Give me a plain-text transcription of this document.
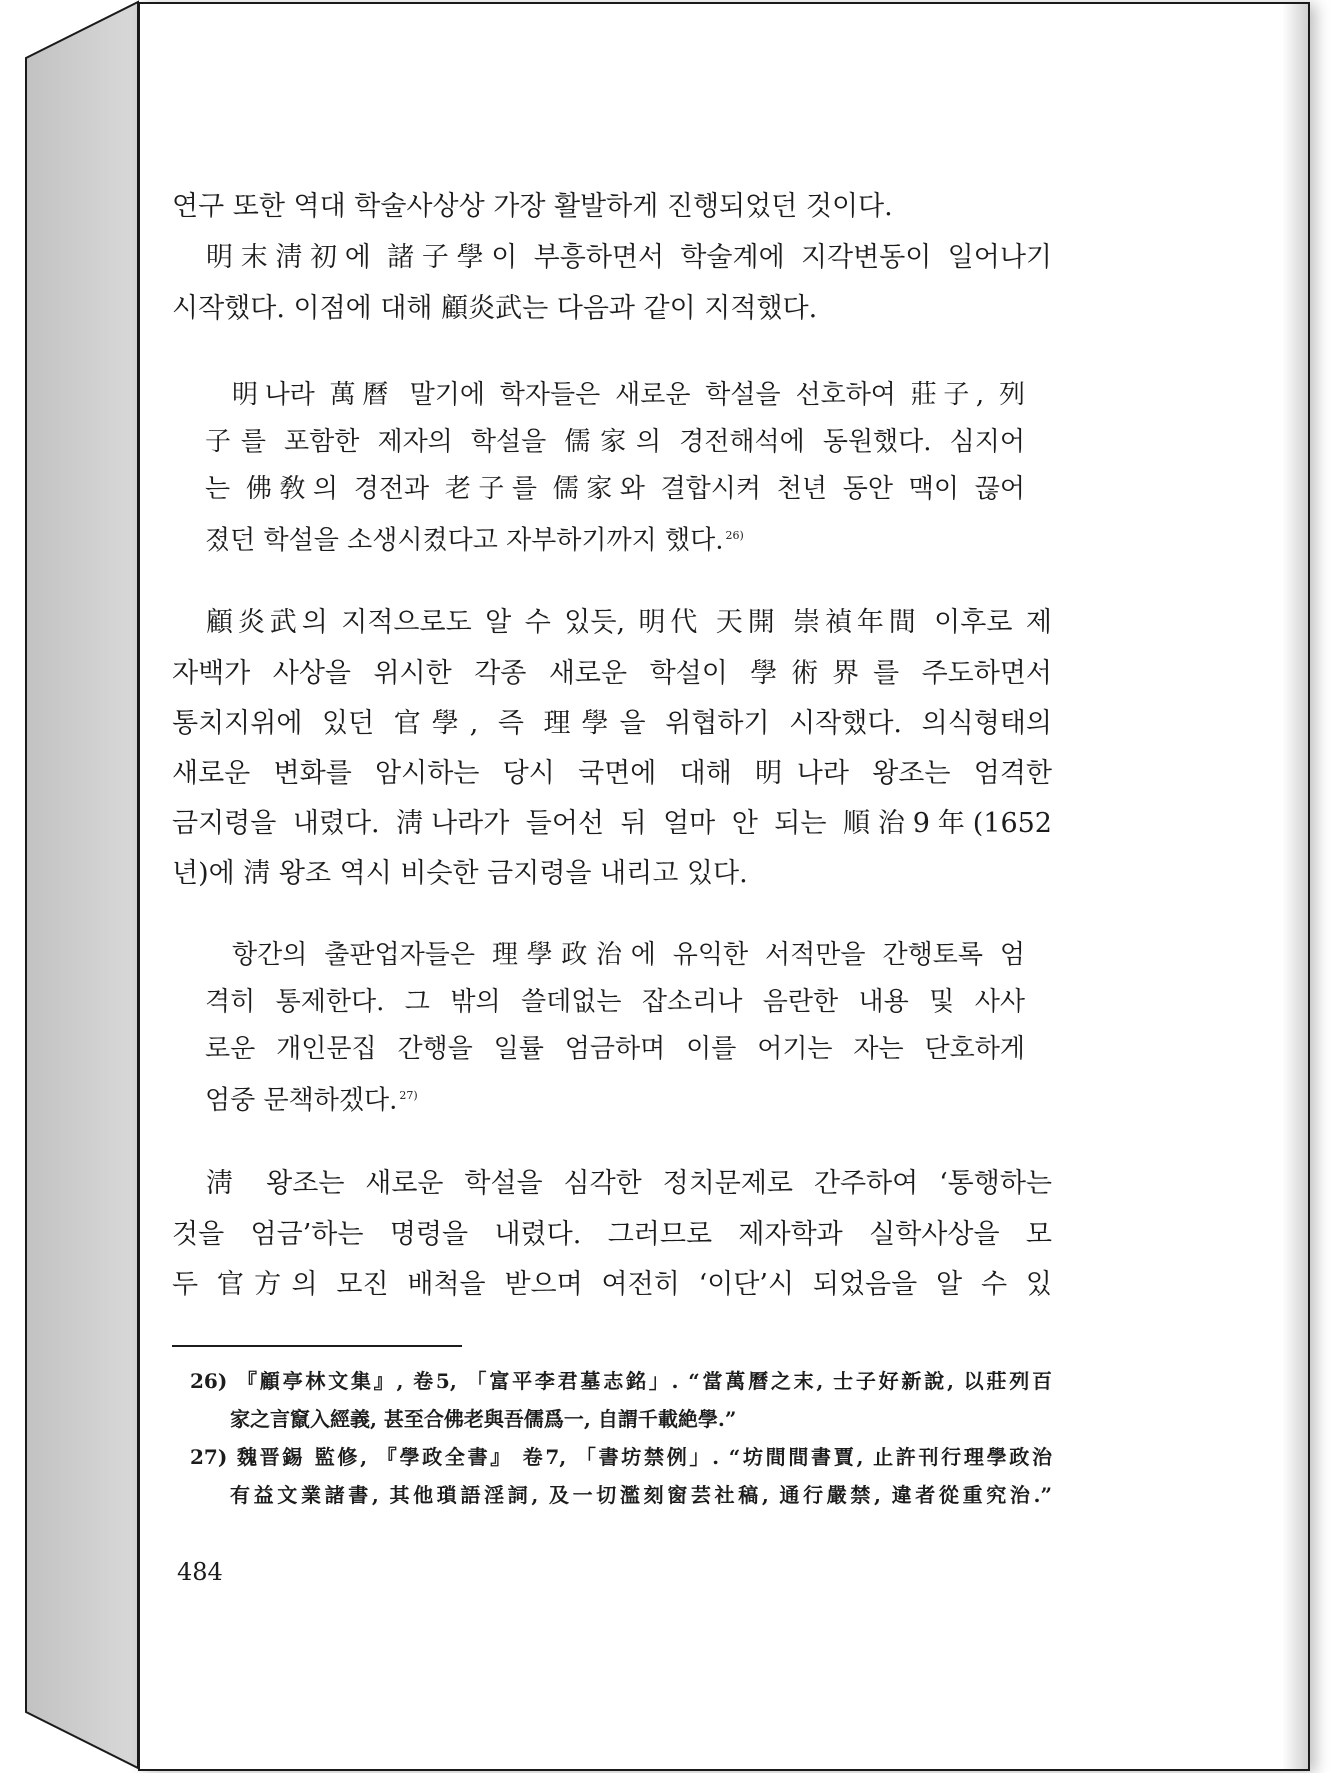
연구 또한 역대 학술사상상 가장 활발하게 진행되었던 것이다.

明末淸初에 諸子學이 부흥하면서 학술계에 지각변동이 일어나기

시작했다. 이점에 대해 顧炎武는 다음과 같이 지적했다.

明나라 萬曆 말기에 학자들은 새로운 학설을 선호하여 莊子, 列

子를 포함한 제자의 학설을 儒家의 경전해석에 동원했다. 심지어

는 佛敎의 경전과 老子를 儒家와 결합시켜 천년 동안 맥이 끊어

졌던 학설을 소생시켰다고 자부하기까지 했다. $^{26)}$

顧炎武의 지적으로도 알 수 있듯, 明代 天開 崇禎年間 이후로 제

자백가 사상을 위시한 각종 새로운 학설이 學術界를 주도하면서

통치지위에 있던 官學, 즉 理學을 위협하기 시작했다. 의식형태의

새로운 변화를 암시하는 당시 국면에 대해 明나라 왕조는 엄격한

금지령을 내렸다. 淸나라가 들어선 뒤 얼마 안 되는 順治9年(1652

년)에 淸 왕조 역시 비슷한 금지령을 내리고 있다.

항간의 출판업자들은 理學政治에 유익한 서적만을 간행토록 엄

격히 통제한다. 그 밖의 쓸데없는 잡소리나 음란한 내용 및 사사

로운 개인문집 간행을 일률 엄금하며 이를 어기는 자는 단호하게

엄중 문책하겠다. $^{27)}$

淸 왕조는 새로운 학설을 심각한 정치문제로 간주하여 ‘통행하는

것을 엄금’하는 명령을 내렸다. 그러므로 제자학과 실학사상을 모

두 官方의 모진 배척을 받으며 여전히 ‘이단’시 되었음을 알 수 있

26) 『顧亭林文集』, 卷5, 「富平李君墓志銘」. “當萬曆之末, 士子好新說, 以莊列百

家之言竄入經義, 甚至合佛老與吾儒爲一, 自謂千載絶學.”

27) 魏晋錫 監修, 『學政全書』 卷7, 「書坊禁例」. “坊間間書賈, 止許刊行理學政治

有益文業諸書, 其他瑣語淫詞, 及一切濫刻窗芸社稿, 通行嚴禁, 違者從重究治.”

484
